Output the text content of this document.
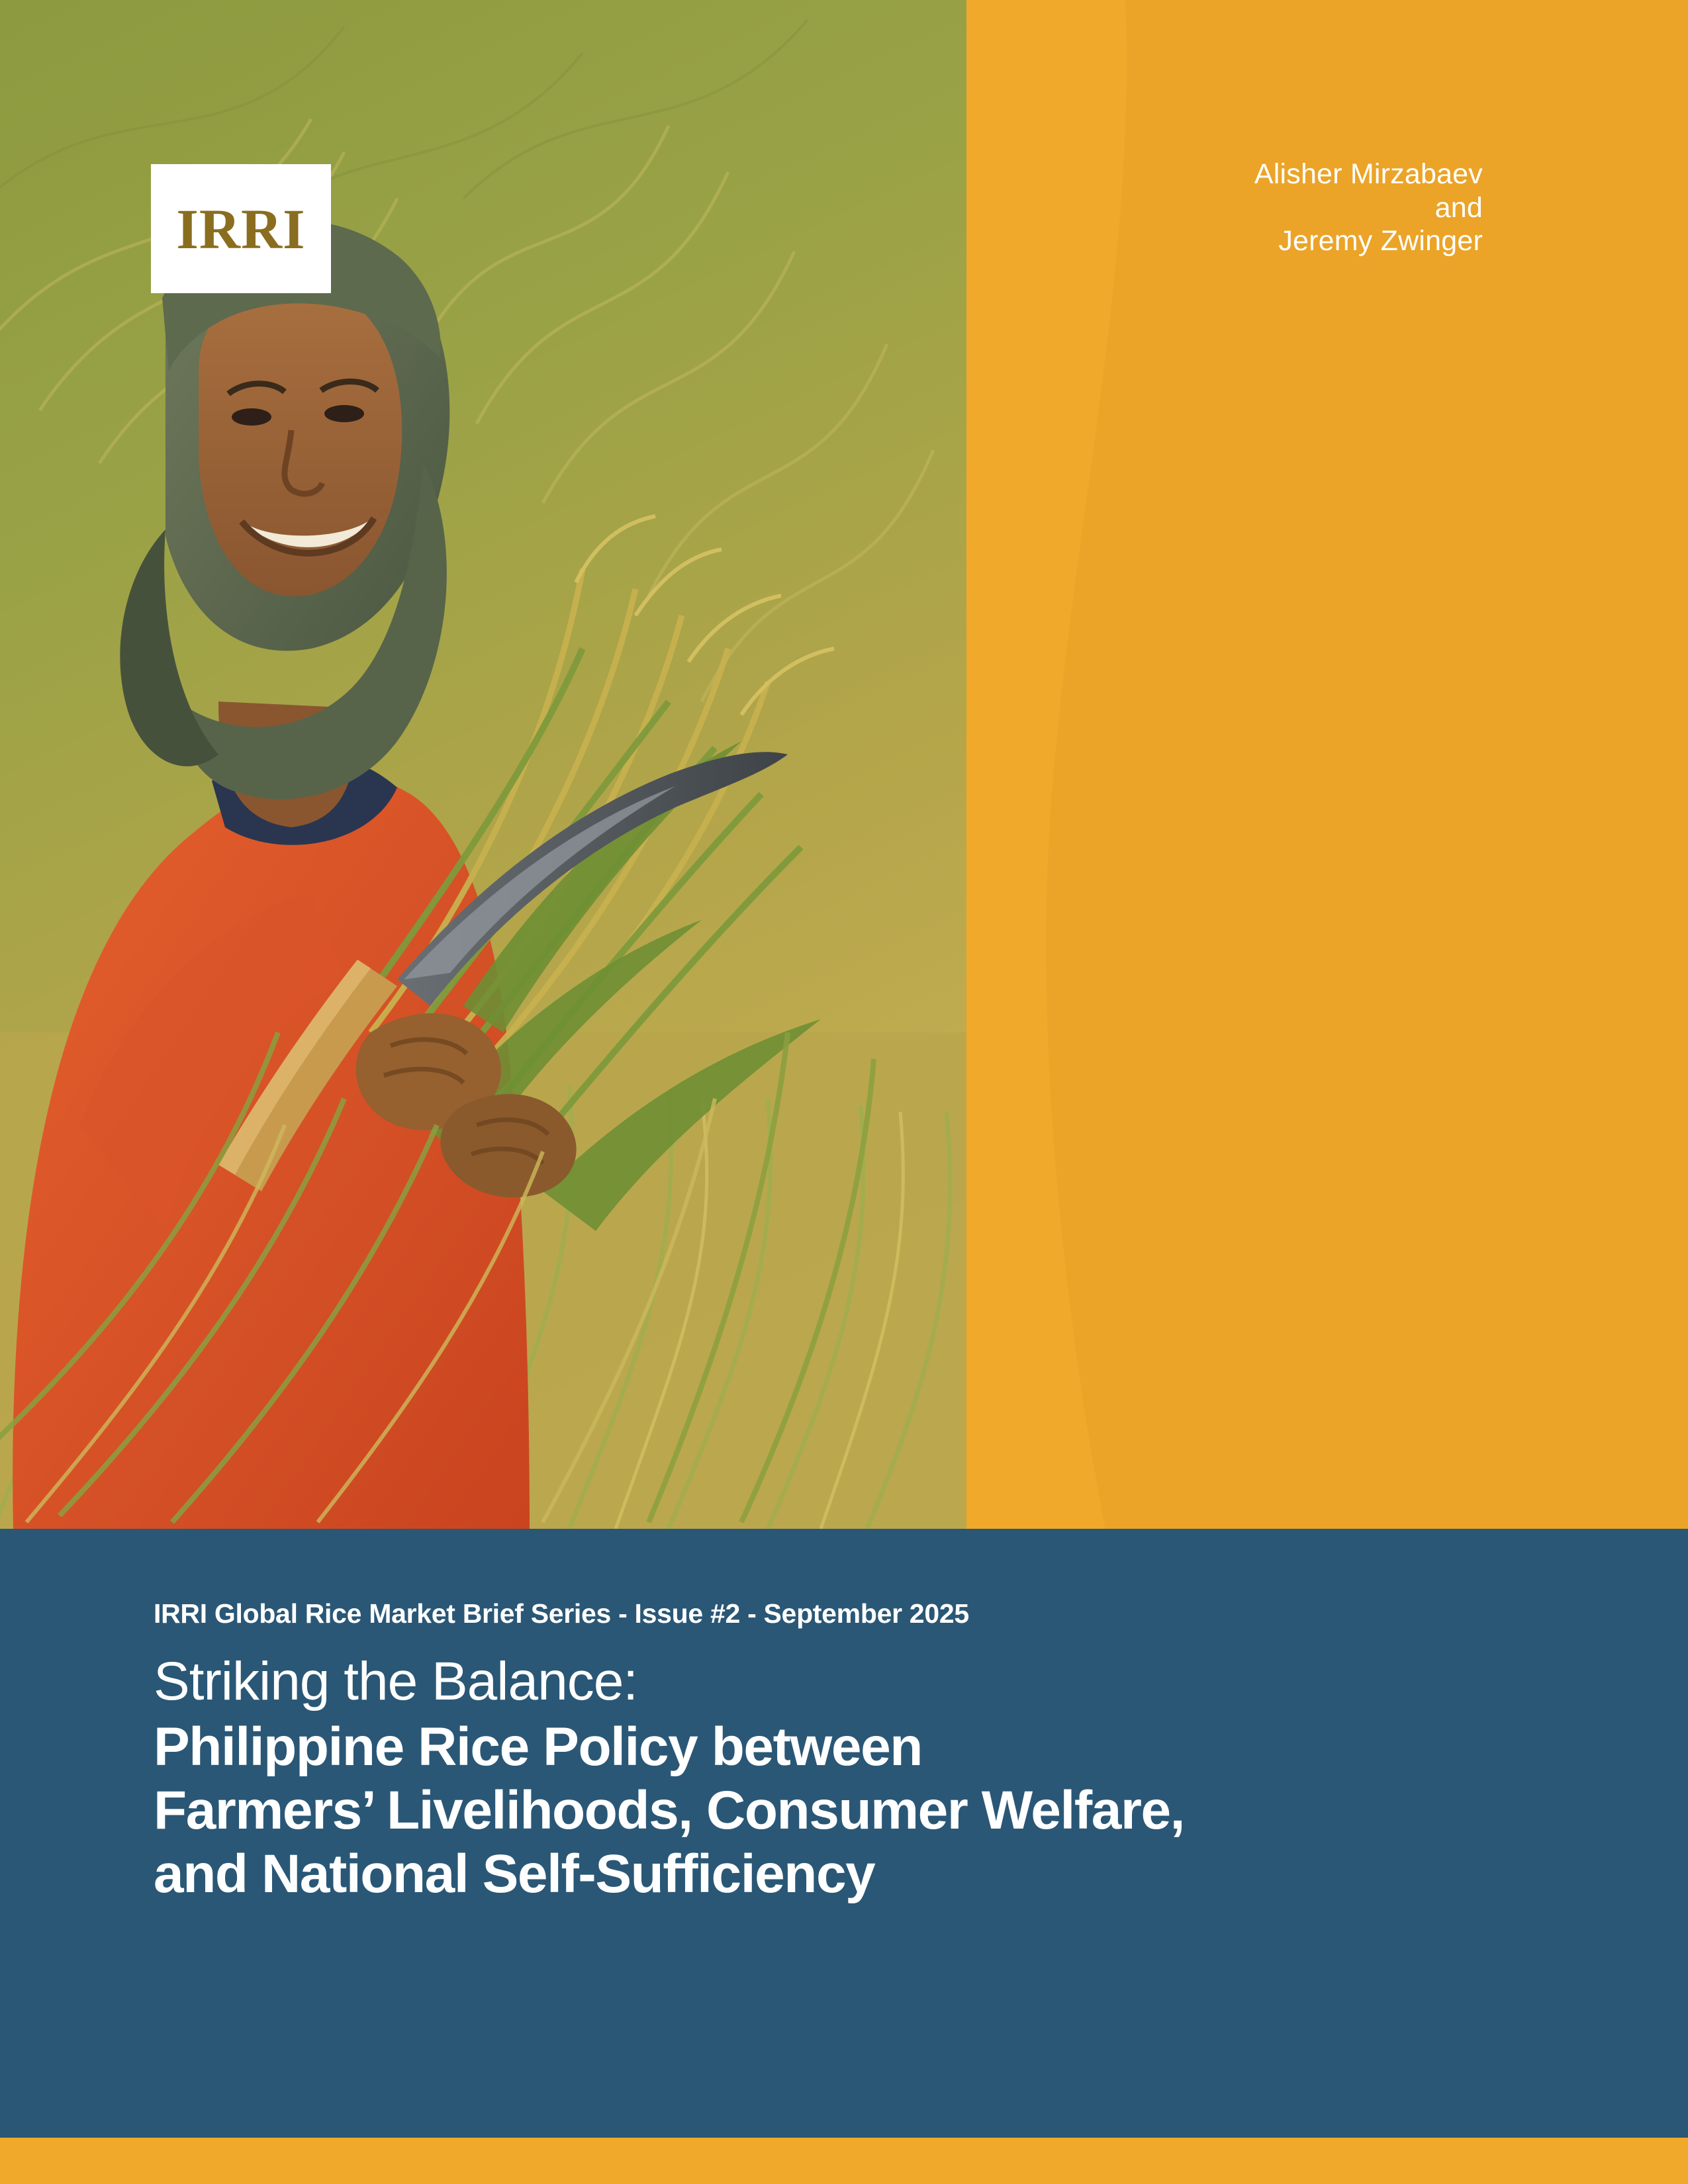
IRRI
Alisher Mirzabaev
and
Jeremy Zwinger
IRRI Global Rice Market Brief Series - Issue #2 - September 2025
Striking the Balance:
Philippine Rice Policy between
Farmers’ Livelihoods, Consumer Welfare,
and National Self-Sufficiency
